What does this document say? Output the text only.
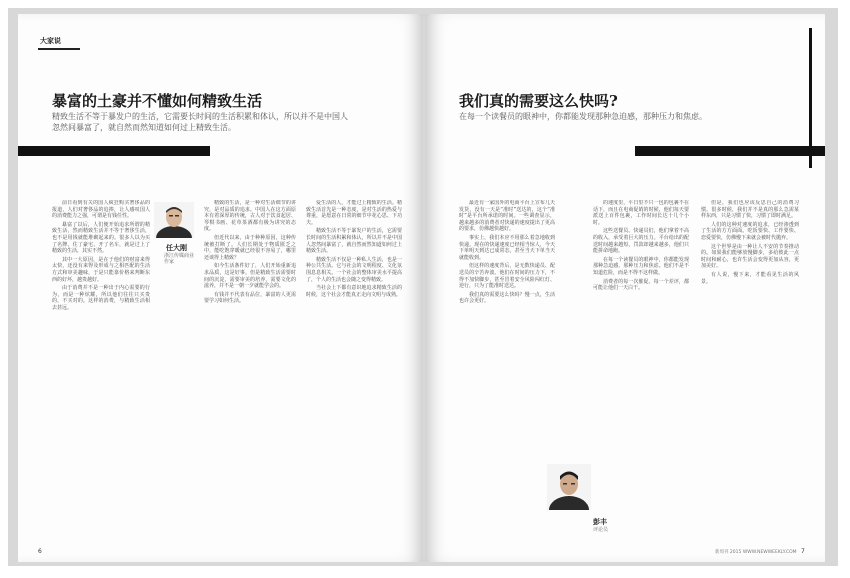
大家说
暴富的土豪并不懂如何精致生活
精致生活不等于暴发户的生活，它需要长时间的生活积累和体认，所以并不是中国人
忽然间暴富了，就自然而然知道如何过上精致生活。
任大刚
浙江传媒商业
作家

前日看到有关的国人疯狂购买奢侈品的报道，人们对奢侈品的追捧，让人感叹国人的消费能力之强，可谓是有钱任性。

暴富了以后，人们便开始追求所谓的精致生活，然而精致生活并不等于奢侈生活，也不是用钱就能堆砌起来的。很多人以为买了名牌、住了豪宅、开了名车，就是过上了精致的生活，其实不然。

其中一大原因，是在于他们的财富来得太快，还没有来得及形成与之相匹配的生活方式和审美趣味，于是只能靠价格来判断东西的好坏，越贵越好。

由于消费并不是一种出于内心需要的行为，而是一种炫耀，所以他们往往只买贵的，不买对的。这样的消费，与精致生活相去甚远。

精致的生活，是一种对生活细节的讲究，是对品质的追求。中国人在这方面原本有着深厚的传统，古人对于饮食起居、琴棋书画、花草茶酒都有极为讲究的态度。

但近代以来，由于种种原因，这种传统被打断了。人们长期处于物质匮乏之中，能吃饱穿暖就已经很不容易了，哪里还谈得上精致？

如今生活条件好了，人们开始重新追求品质，这是好事。但是精致生活需要时间的沉淀，需要审美的培养，需要文化的滋养，并不是一朝一夕就能学会的。

有钱并不代表有品位，暴富的人更需要学习如何生活。

爱生活的人，才能过上精致的生活。精致生活首先是一种态度，是对生活的热爱与尊重，是愿意在日常的细节中花心思、下功夫。

精致生活不等于暴发户的生活，它需要长时间的生活积累和体认，所以并不是中国人忽然间暴富了，就自然而然知道如何过上精致生活。

精致生活不仅是一种私人生活，也是一种公共生活。它与社会的文明程度、文化氛围息息相关。一个社会的整体审美水平提高了，个人的生活也会随之变得精致。

当社会上下都有意识地追求精致生活的时候，这个社会才能真正走向文明与成熟。

6
我们真的需要这么快吗?
在每一个读餐员的眼神中，你都能发现那种急迫感，那种压力和焦虑。

最近有一家国外的电商平台上宣布几天发货，没有一天是“准时”送达的，这个“准时”是平台所承诺的时间。一些调查显示，越来越多的消费者对快递的速度提出了更高的要求，仿佛越快越好。

事实上，我们本应不用那么着急地收到快递。现在的快递速度已经相当惊人，今天下单明天到达已成常态，甚至当天下单当天就能收到。

但这样的速度背后，是无数快递员、配送员的辛苦奔波。他们在时间的压力下，不得不加快脚步，甚至冒着安全风险闯红灯、逆行，只为了能准时送达。

我们真的需要这么快吗？慢一点，生活也许会更好。

彭丰
评论员

的速度里，平日里不只一包的包裹不在话下，而且在电商促销的时候，他们每天要派送上百件包裹，工作时间长达十几个小时。

这些送餐员、快递员们，他们拿着不高的收入，承受着巨大的压力。平台给出的配送时间越来越短，罚款却越来越多，他们只能拼命地跑。

在每一个读餐员的眼神中，你都能发现那种急迫感，那种压力和焦虑。他们不是不知道危险，而是不得不这样做。

消费者的每一次催促、每一个差评，都可能让他们一天白干。

但是，我们也应该反思自己的消费习惯。很多时候，我们并不是真的那么急需某样东西，只是习惯了快，习惯了即时满足。

人们的这种对速度的追求，已经渗透到了生活的方方面面。吃饭要快、工作要快、恋爱要快，仿佛慢下来就会被时代抛弃。

这个世界是由一种让人不安的节奏推动的。如果我们能够放慢脚步，多给彼此一点时间和耐心，也许生活会变得更加从容，更加美好。

有人说，慢下来，才能看见生活的风景。

新周刊 2015 WWW.NEWWEEKLY.COM 7
